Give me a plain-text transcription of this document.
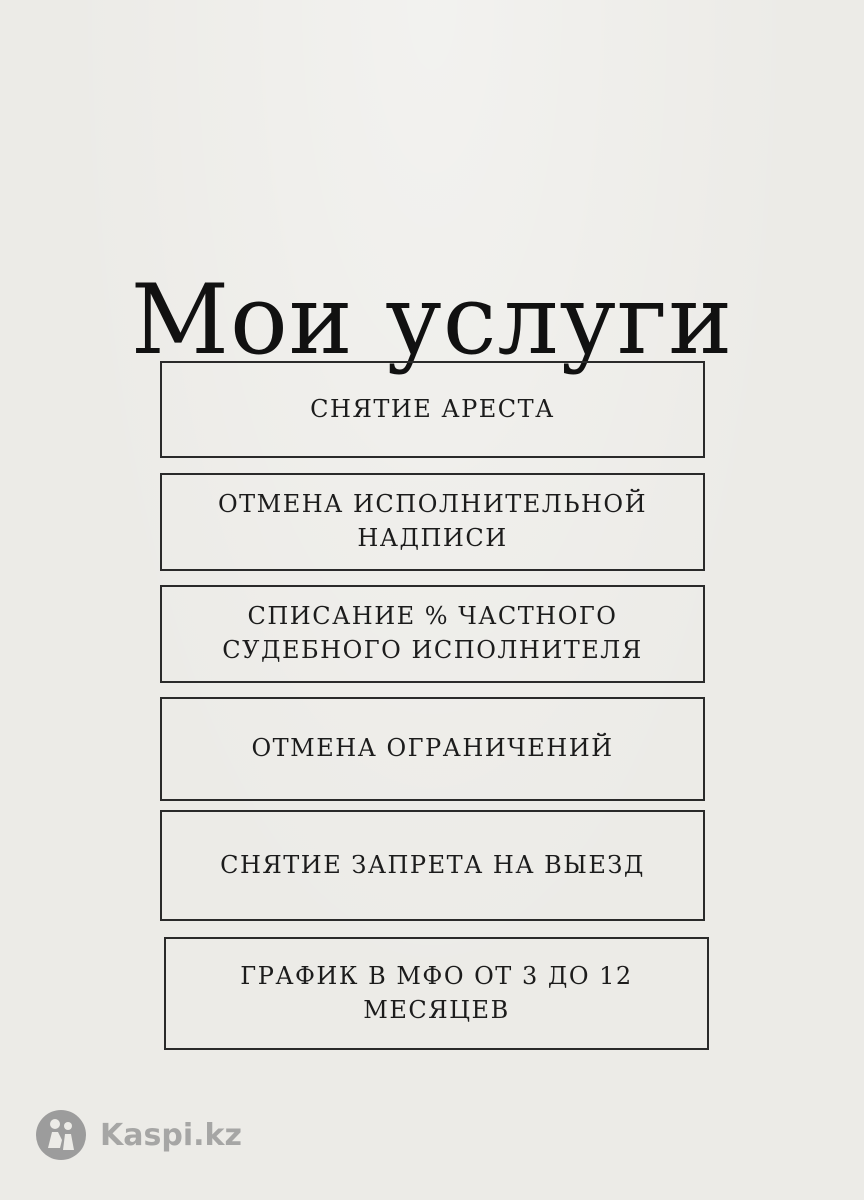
Мои услуги
СНЯТИЕ АРЕСТА
ОТМЕНА ИСПОЛНИТЕЛЬНОЙ НАДПИСИ
СПИСАНИЕ % ЧАСТНОГО СУДЕБНОГО ИСПОЛНИТЕЛЯ
ОТМЕНА ОГРАНИЧЕНИЙ
СНЯТИЕ ЗАПРЕТА НА ВЫЕЗД
ГРАФИК В МФО ОТ 3 ДО 12 МЕСЯЦЕВ
Kaspi.kz
